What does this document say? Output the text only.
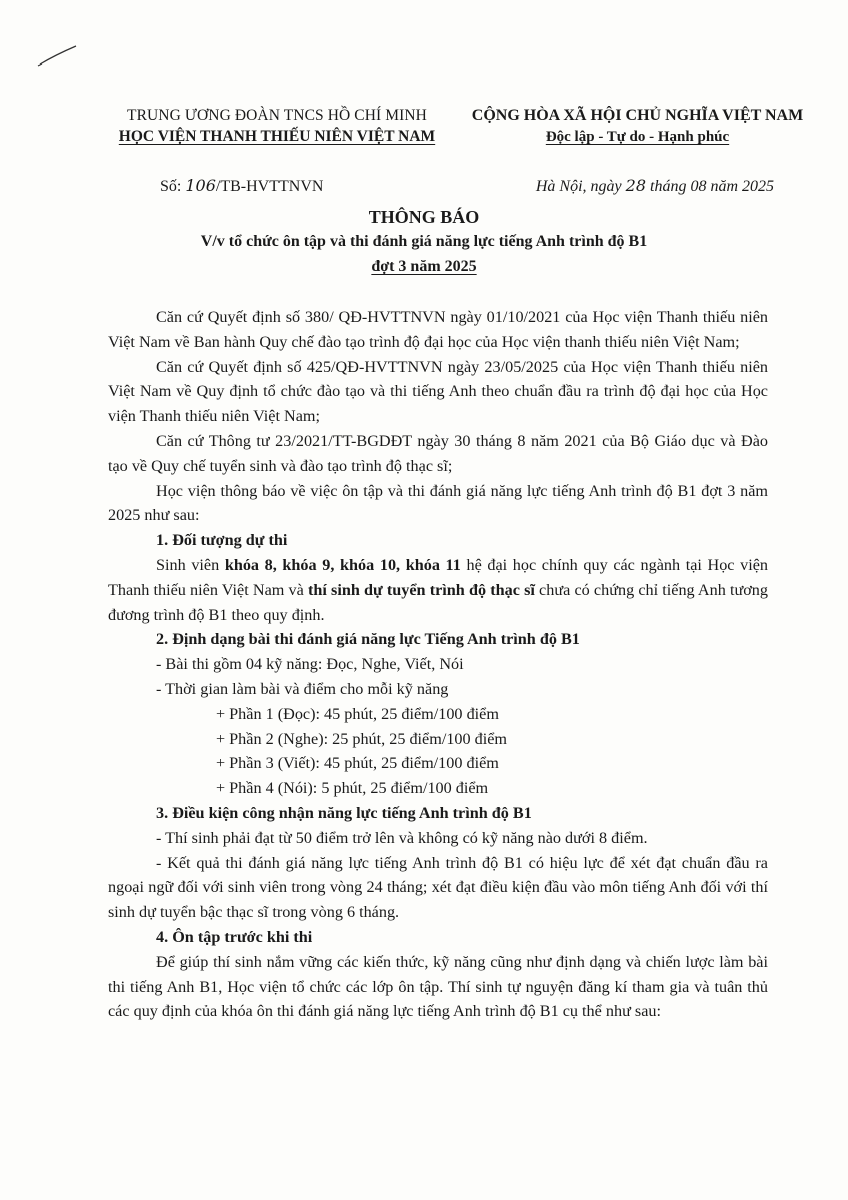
TRUNG ƯƠNG ĐOÀN TNCS HỒ CHÍ MINH
HỌC VIỆN THANH THIẾU NIÊN VIỆT NAM
CỘNG HÒA XÃ HỘI CHỦ NGHĨA VIỆT NAM
Độc lập - Tự do - Hạnh phúc
Số: 106/TB-HVTTNVN	Hà Nội, ngày 28 tháng 08 năm 2025
THÔNG BÁO
V/v tổ chức ôn tập và thi đánh giá năng lực tiếng Anh trình độ B1
đợt 3 năm 2025

Căn cứ Quyết định số 380/ QĐ-HVTTNVN ngày 01/10/2021 của Học viện Thanh thiếu niên Việt Nam về Ban hành Quy chế đào tạo trình độ đại học của Học viện thanh thiếu niên Việt Nam;

Căn cứ Quyết định số 425/QĐ-HVTTNVN ngày 23/05/2025 của Học viện Thanh thiếu niên Việt Nam về Quy định tổ chức đào tạo và thi tiếng Anh theo chuẩn đầu ra trình độ đại học của Học viện Thanh thiếu niên Việt Nam;

Căn cứ Thông tư 23/2021/TT-BGDĐT ngày 30 tháng 8 năm 2021 của Bộ Giáo dục và Đào tạo về Quy chế tuyển sinh và đào tạo trình độ thạc sĩ;

Học viện thông báo về việc ôn tập và thi đánh giá năng lực tiếng Anh trình độ B1 đợt 3 năm 2025 như sau:

1. Đối tượng dự thi

Sinh viên khóa 8, khóa 9, khóa 10, khóa 11 hệ đại học chính quy các ngành tại Học viện Thanh thiếu niên Việt Nam và thí sinh dự tuyển trình độ thạc sĩ chưa có chứng chỉ tiếng Anh tương đương trình độ B1 theo quy định.

2. Định dạng bài thi đánh giá năng lực Tiếng Anh trình độ B1

- Bài thi gồm 04 kỹ năng: Đọc, Nghe, Viết, Nói

- Thời gian làm bài và điểm cho mỗi kỹ năng

+ Phần 1 (Đọc): 45 phút, 25 điểm/100 điểm

+ Phần 2 (Nghe): 25 phút, 25 điểm/100 điểm

+ Phần 3 (Viết): 45 phút, 25 điểm/100 điểm

+ Phần 4 (Nói): 5 phút, 25 điểm/100 điểm

3. Điều kiện công nhận năng lực tiếng Anh trình độ B1

- Thí sinh phải đạt từ 50 điểm trở lên và không có kỹ năng nào dưới 8 điểm.

- Kết quả thi đánh giá năng lực tiếng Anh trình độ B1 có hiệu lực để xét đạt chuẩn đầu ra ngoại ngữ đối với sinh viên trong vòng 24 tháng; xét đạt điều kiện đầu vào môn tiếng Anh đối với thí sinh dự tuyển bậc thạc sĩ trong vòng 6 tháng.

4. Ôn tập trước khi thi

Để giúp thí sinh nắm vững các kiến thức, kỹ năng cũng như định dạng và chiến lược làm bài thi tiếng Anh B1, Học viện tổ chức các lớp ôn tập. Thí sinh tự nguyện đăng kí tham gia và tuân thủ các quy định của khóa ôn thi đánh giá năng lực tiếng Anh trình độ B1 cụ thể như sau:
